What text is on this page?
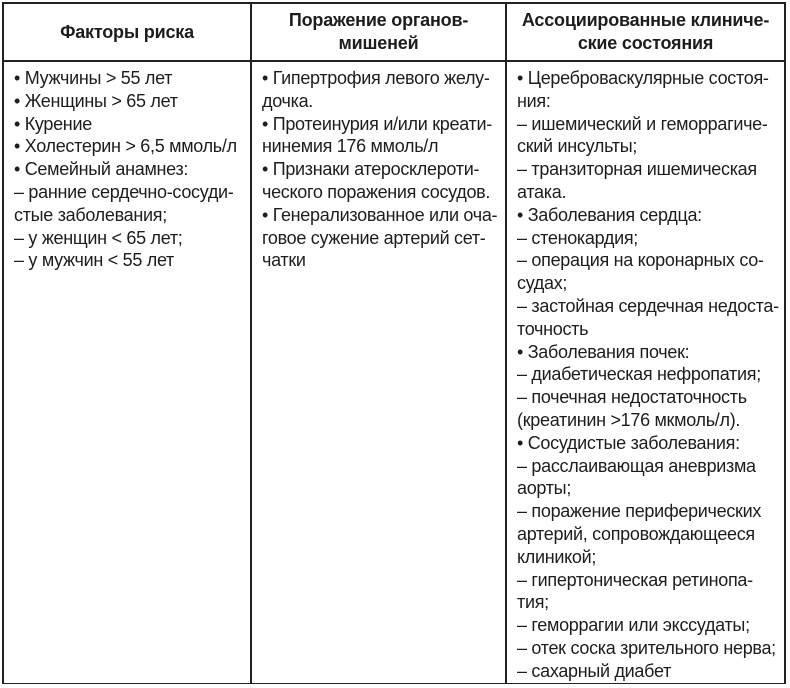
Факторы риска
Поражение органов-
мишеней
Ассоциированные клиниче-
ские состояния
• Мужчины > 55 лет
• Женщины > 65 лет
• Курение
• Холестерин > 6,5 ммоль/л
• Семейный анамнез:
– ранние сердечно-сосуди-
стые заболевания;
– у женщин < 65 лет;
– у мужчин < 55 лет
• Гипертрофия левого желу-
дочка.
• Протеинурия и/или креати-
нинемия 176 ммоль/л
• Признаки атеросклероти-
ческого поражения сосудов.
• Генерализованное или оча-
говое сужение артерий сет-
чатки
• Цереброваскулярные состоя-
ния:
– ишемический и геморрагиче-
ский инсульты;
– транзиторная ишемическая
атака.
• Заболевания сердца:
– стенокардия;
– операция на коронарных со-
судах;
– застойная сердечная недоста-
точность
• Заболевания почек:
– диабетическая нефропатия;
– почечная недостаточность
(креатинин >176 мкмоль/л).
• Сосудистые заболевания:
– расслаивающая аневризма
аорты;
– поражение периферических
артерий, сопровождающееся
клиникой;
– гипертоническая ретинопа-
тия;
– геморрагии или экссудаты;
– отек соска зрительного нерва;
– сахарный диабет
